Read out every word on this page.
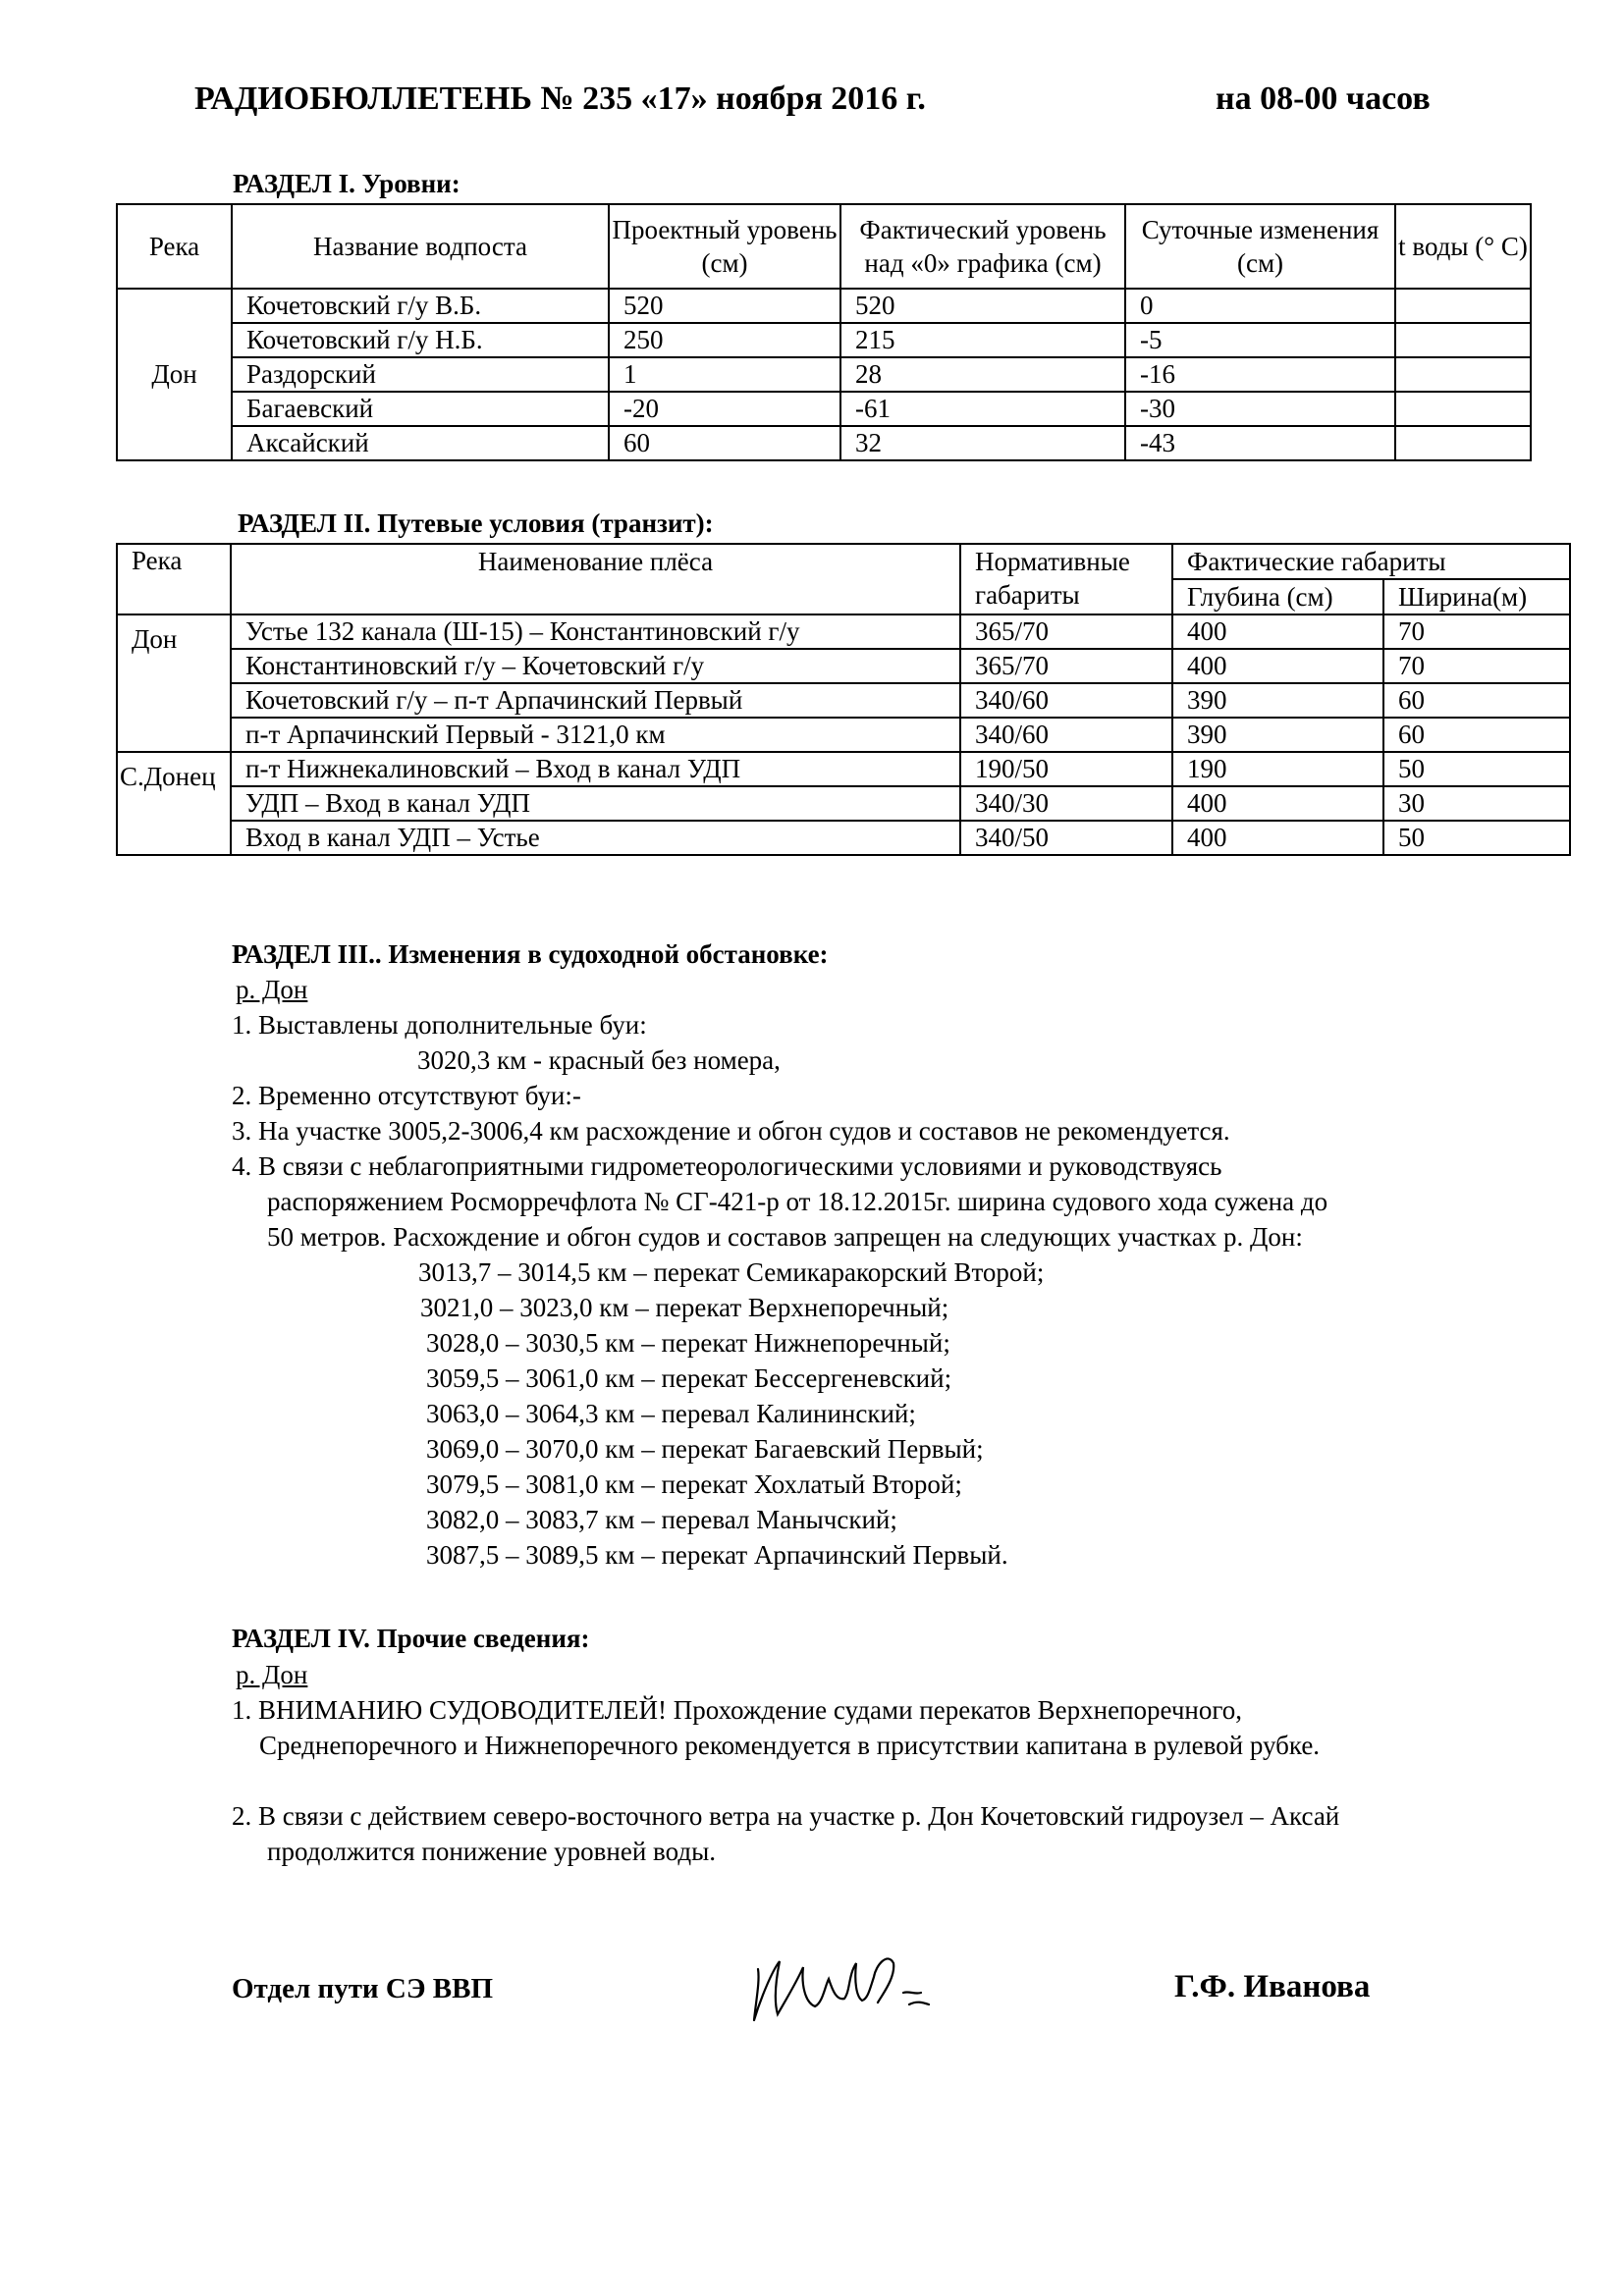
РАДИОБЮЛЛЕТЕНЬ № 235 «17» ноября 2016 г.	на 08-00 часов
РАЗДЕЛ I. Уровни:
Река	Название водпоста	Проектный уровень (см)	Фактический уровень над «0» графика (см)	Суточные изменения (см)	t воды (° C)
Дон	Кочетовский г/у В.Б.	520	520	0	
	Кочетовский г/у Н.Б.	250	215	-5	
	Раздорский	1	28	-16	
	Багаевский	-20	-61	-30	
	Аксайский	60	32	-43	
РАЗДЕЛ II. Путевые условия (транзит):
Река	Наименование плёса	Нормативные габариты	Фактические габариты	
			Глубина (см)	Ширина(м)
Дон	Устье 132 канала (Ш-15) – Константиновский г/у	365/70	400	70
	Константиновский г/у – Кочетовский г/у	365/70	400	70
	Кочетовский г/у – п-т Арпачинский Первый	340/60	390	60
	п-т Арпачинский Первый - 3121,0 км	340/60	390	60
С.Донец	п-т Нижнекалиновский – Вход в канал УДП	190/50	190	50
	УДП – Вход в канал УДП	340/30	400	30
	Вход в канал УДП – Устье	340/50	400	50
РАЗДЕЛ III.. Изменения в судоходной обстановке:
р. Дон
1. Выставлены дополнительные буи:
3020,3 км - красный без номера,
2. Временно отсутствуют буи:-
3. На участке 3005,2-3006,4 км расхождение и обгон судов и составов не рекомендуется.
4. В связи с неблагоприятными гидрометеорологическими условиями и руководствуясь
распоряжением Росморречфлота № СГ-421-р от 18.12.2015г. ширина судового хода сужена до
50 метров. Расхождение и обгон судов и составов запрещен на следующих участках р. Дон:
3013,7 – 3014,5 км – перекат Семикаракорский Второй;
3021,0 – 3023,0 км – перекат Верхнепоречный;
3028,0 – 3030,5 км – перекат Нижнепоречный;
3059,5 – 3061,0 км – перекат Бессергеневский;
3063,0 – 3064,3 км – перевал Калининский;
3069,0 – 3070,0 км – перекат Багаевский Первый;
3079,5 – 3081,0 км – перекат Хохлатый Второй;
3082,0 – 3083,7 км – перевал Манычский;
3087,5 – 3089,5 км – перекат Арпачинский Первый.
РАЗДЕЛ IV. Прочие сведения:
р. Дон
1. ВНИМАНИЮ СУДОВОДИТЕЛЕЙ! Прохождение судами перекатов Верхнепоречного,
Среднепоречного и Нижнепоречного рекомендуется в присутствии капитана в рулевой рубке.
2. В связи с действием северо-восточного ветра на участке р. Дон Кочетовский гидроузел – Аксай
продолжится понижение уровней воды.
Отдел пути СЭ ВВП	Г.Ф. Иванова
